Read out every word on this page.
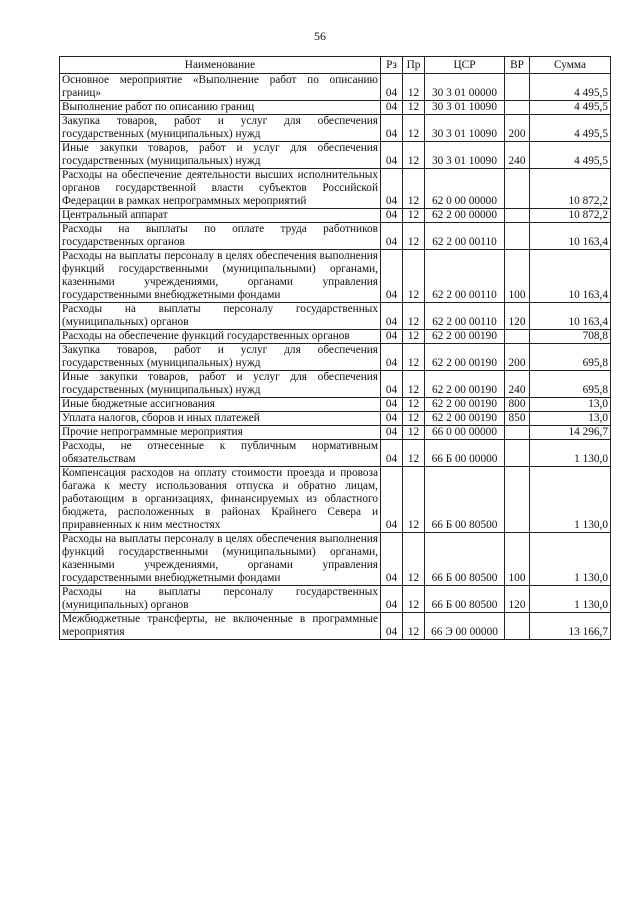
56
Наименование	Рз	Пр	ЦСР	ВР	Сумма
Основное мероприятие «Выполнение работ по описанию границ»	04	12	30 3 01 00000		4 495,5
Выполнение работ по описанию границ	04	12	30 3 01 10090		4 495,5
Закупка товаров, работ и услуг для обеспечения государственных (муниципальных) нужд	04	12	30 3 01 10090	200	4 495,5
Иные закупки товаров, работ и услуг для обеспечения государственных (муниципальных) нужд	04	12	30 3 01 10090	240	4 495,5
Расходы на обеспечение деятельности высших исполнительных органов государственной власти субъектов Российской Федерации в рамках непрограммных мероприятий	04	12	62 0 00 00000		10 872,2
Центральный аппарат	04	12	62 2 00 00000		10 872,2
Расходы на выплаты по оплате труда работников государственных органов	04	12	62 2 00 00110		10 163,4
Расходы на выплаты персоналу в целях обеспечения выполнения функций государственными (муниципальными) органами, казенными учреждениями, органами управления государственными внебюджетными фондами	04	12	62 2 00 00110	100	10 163,4
Расходы на выплаты персоналу государственных (муниципальных) органов	04	12	62 2 00 00110	120	10 163,4
Расходы на обеспечение функций государственных органов	04	12	62 2 00 00190		708,8
Закупка товаров, работ и услуг для обеспечения государственных (муниципальных) нужд	04	12	62 2 00 00190	200	695,8
Иные закупки товаров, работ и услуг для обеспечения государственных (муниципальных) нужд	04	12	62 2 00 00190	240	695,8
Иные бюджетные ассигнования	04	12	62 2 00 00190	800	13,0
Уплата налогов, сборов и иных платежей	04	12	62 2 00 00190	850	13,0
Прочие непрограммные мероприятия	04	12	66 0 00 00000		14 296,7
Расходы, не отнесенные к публичным нормативным обязательствам	04	12	66 Б 00 00000		1 130,0
Компенсация расходов на оплату стоимости проезда и провоза багажа к месту использования отпуска и обратно лицам, работающим в организациях, финансируемых из областного бюджета, расположенных в районах Крайнего Севера и приравненных к ним местностях	04	12	66 Б 00 80500		1 130,0
Расходы на выплаты персоналу в целях обеспечения выполнения функций государственными (муниципальными) органами, казенными учреждениями, органами управления государственными внебюджетными фондами	04	12	66 Б 00 80500	100	1 130,0
Расходы на выплаты персоналу государственных (муниципальных) органов	04	12	66 Б 00 80500	120	1 130,0
Межбюджетные трансферты, не включенные в программные мероприятия	04	12	66 Э 00 00000		13 166,7
